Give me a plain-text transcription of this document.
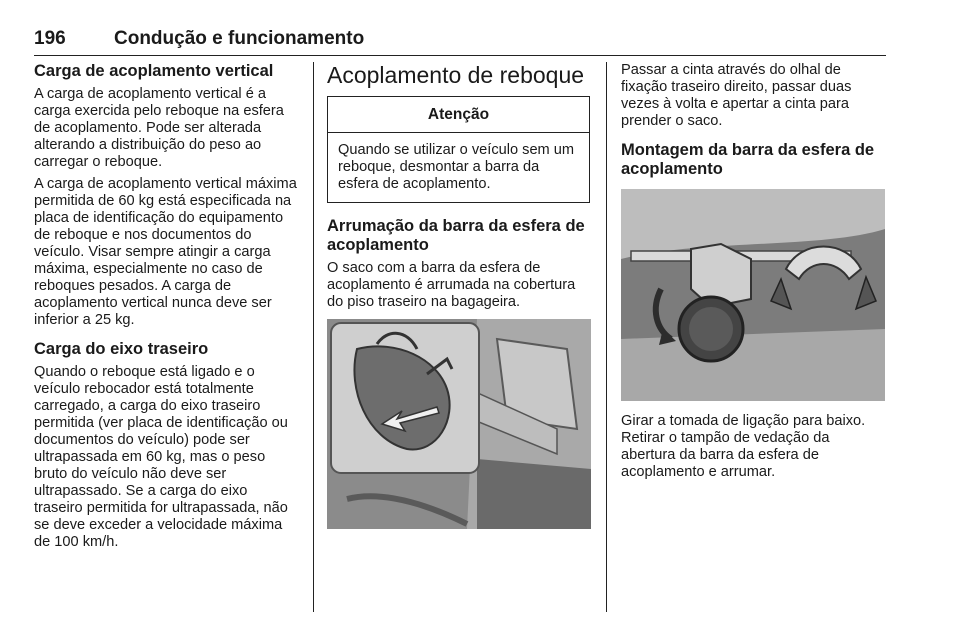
196	Condução e funcionamento
Carga de acoplamento vertical

A carga de acoplamento vertical é a carga exercida pelo reboque na esfera de acoplamento. Pode ser alterada alterando a distribuição do peso ao carregar o reboque.

A carga de acoplamento vertical máxima permitida de 60 kg está especificada na placa de identificação do equipamento de reboque e nos documentos do veículo. Visar sempre atingir a carga máxima, especialmente no caso de reboques pesados. A carga de acoplamento vertical nunca deve ser inferior a 25 kg.

Carga do eixo traseiro

Quando o reboque está ligado e o veículo rebocador está totalmente carregado, a carga do eixo traseiro permitida (ver placa de identificação ou documentos do veículo) pode ser ultrapassada em 60 kg, mas o peso bruto do veículo não deve ser ultrapassado. Se a carga do eixo traseiro permitida for ultrapassada, não se deve exceder a velocidade máxima de 100 km/h.

Acoplamento de reboque
Atenção
Quando se utilizar o veículo sem um reboque, desmontar a barra da esfera de acoplamento.
Arrumação da barra da esfera de acoplamento

O saco com a barra da esfera de acoplamento é arrumada na cobertura do piso traseiro na bagageira.

Passar a cinta através do olhal de fixação traseiro direito, passar duas vezes à volta e apertar a cinta para prender o saco.

Montagem da barra da esfera de acoplamento

Girar a tomada de ligação para baixo. Retirar o tampão de vedação da abertura da barra da esfera de acoplamento e arrumar.
